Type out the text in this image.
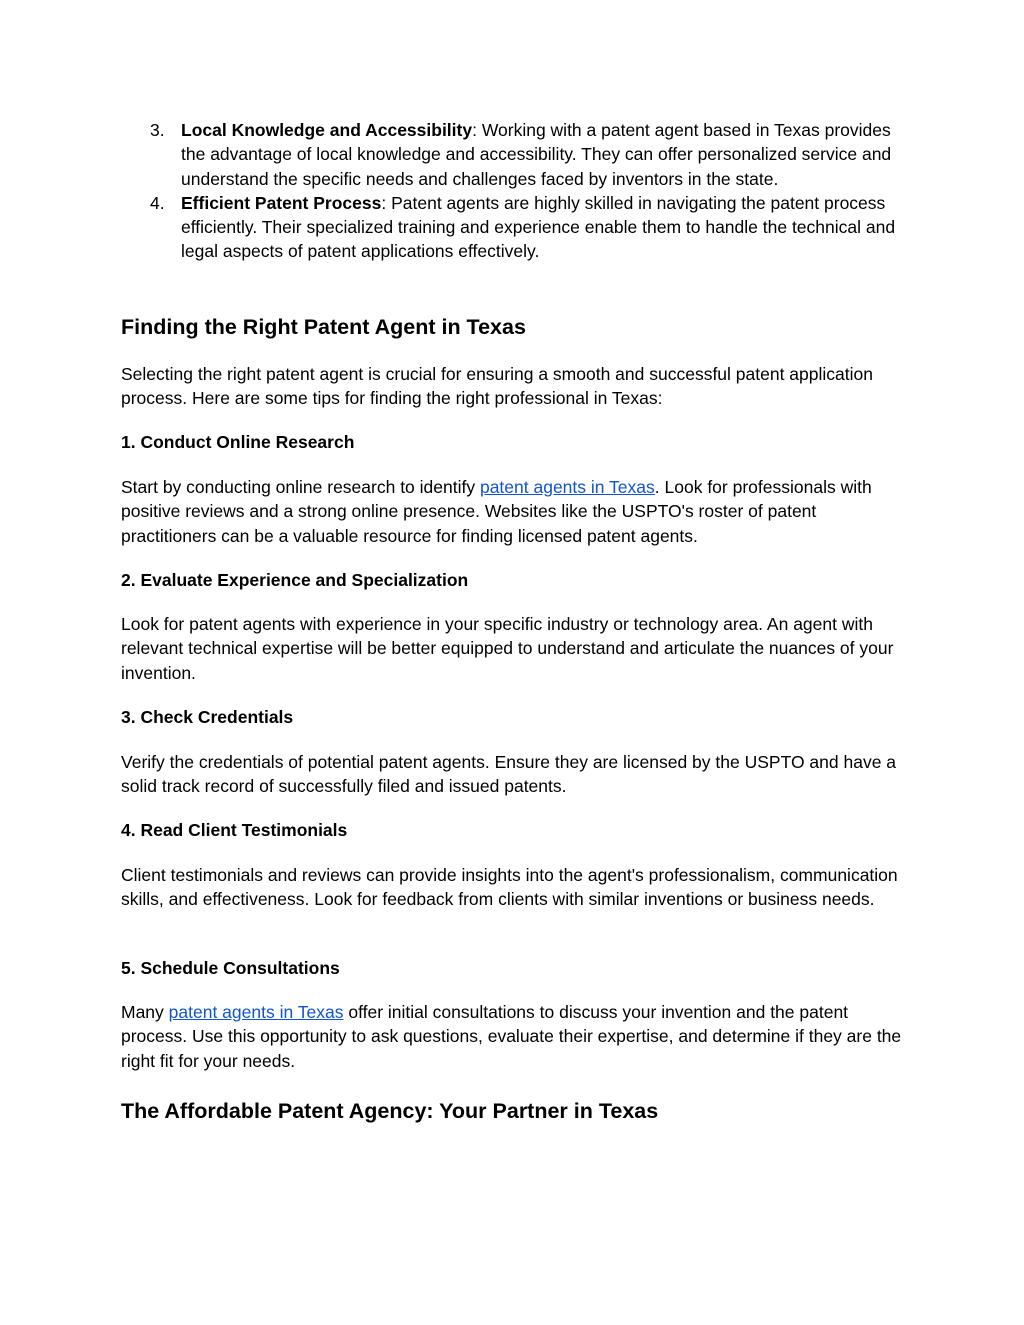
3. Local Knowledge and Accessibility: Working with a patent agent based in Texas provides the advantage of local knowledge and accessibility. They can offer personalized service and understand the specific needs and challenges faced by inventors in the state.
4. Efficient Patent Process: Patent agents are highly skilled in navigating the patent process efficiently. Their specialized training and experience enable them to handle the technical and legal aspects of patent applications effectively.
Finding the Right Patent Agent in Texas

Selecting the right patent agent is crucial for ensuring a smooth and successful patent application process. Here are some tips for finding the right professional in Texas:

1. Conduct Online Research

Start by conducting online research to identify patent agents in Texas. Look for professionals with positive reviews and a strong online presence. Websites like the USPTO's roster of patent practitioners can be a valuable resource for finding licensed patent agents.

2. Evaluate Experience and Specialization

Look for patent agents with experience in your specific industry or technology area. An agent with relevant technical expertise will be better equipped to understand and articulate the nuances of your invention.

3. Check Credentials

Verify the credentials of potential patent agents. Ensure they are licensed by the USPTO and have a solid track record of successfully filed and issued patents.

4. Read Client Testimonials

Client testimonials and reviews can provide insights into the agent's professionalism, communication skills, and effectiveness. Look for feedback from clients with similar inventions or business needs.

5. Schedule Consultations

Many patent agents in Texas offer initial consultations to discuss your invention and the patent process. Use this opportunity to ask questions, evaluate their expertise, and determine if they are the right fit for your needs.

The Affordable Patent Agency: Your Partner in Texas
